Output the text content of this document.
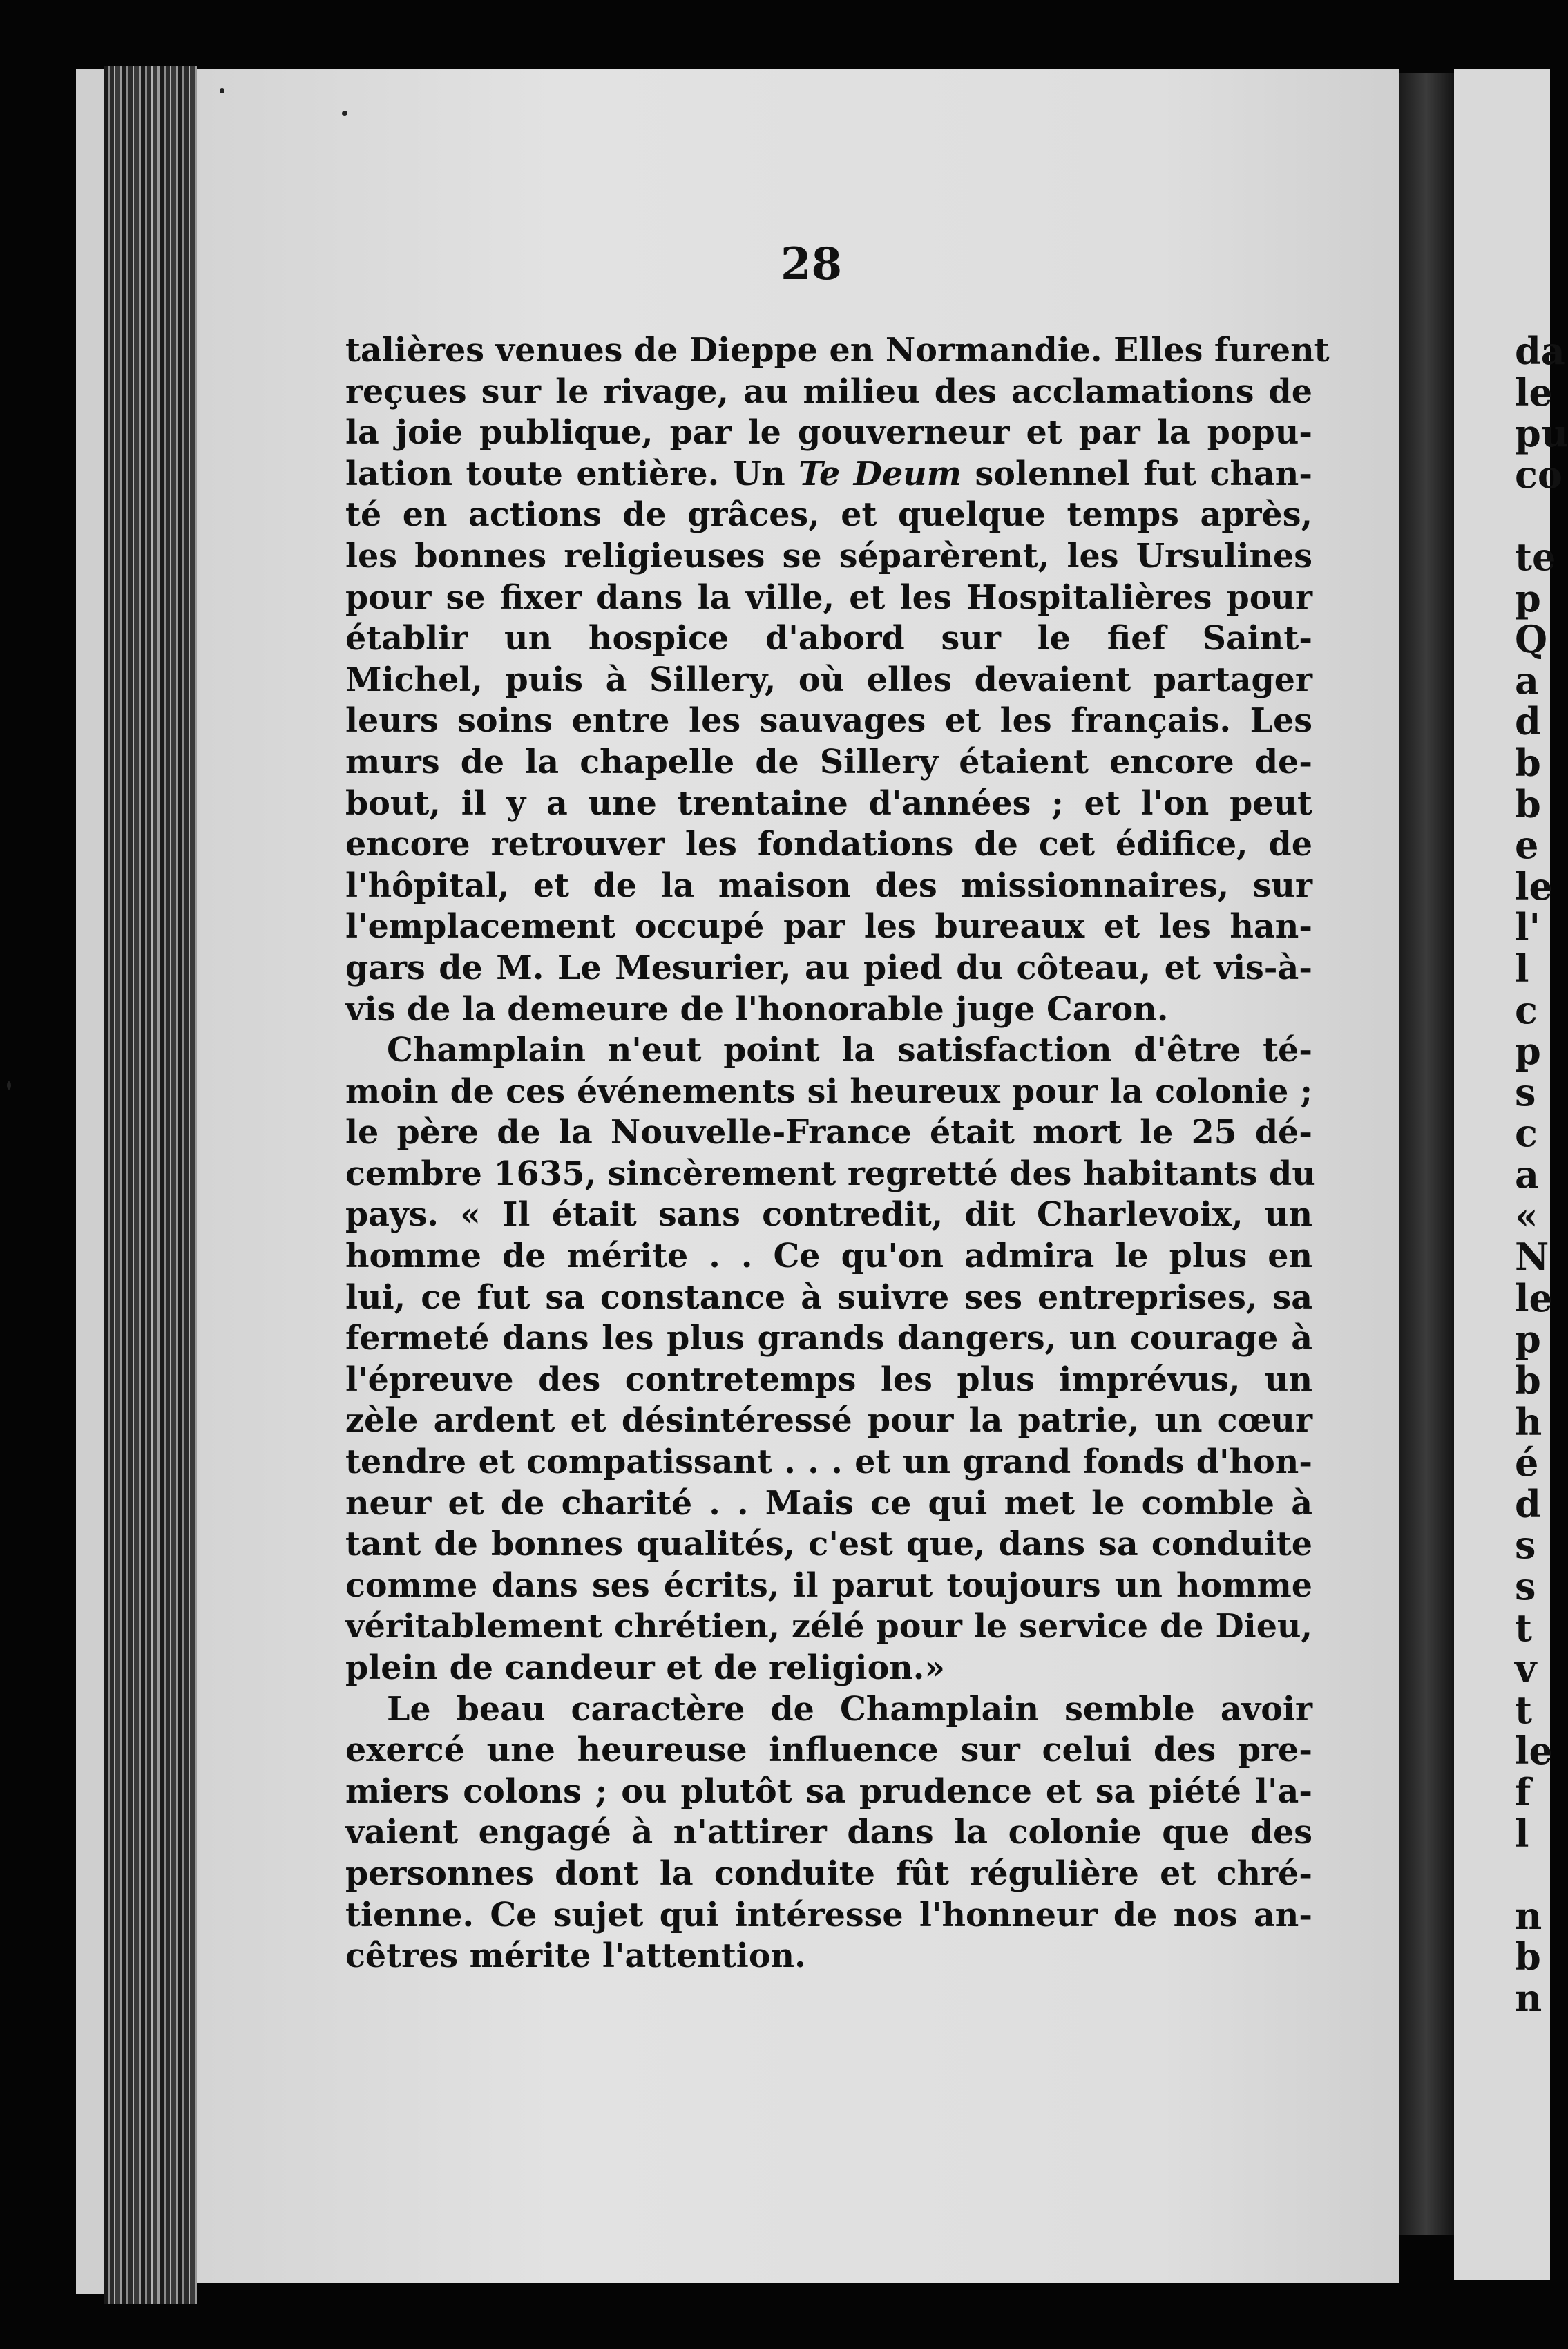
28
talières venues de Dieppe en Normandie. Elles furent
reçues sur le rivage, au milieu des acclamations de
la joie publique, par le gouverneur et par la popu-
lation toute entière. Un Te Deum solennel fut chan-
té en actions de grâces, et quelque temps après,
les bonnes religieuses se séparèrent, les Ursulines
pour se fixer dans la ville, et les Hospitalières pour
établir un hospice d'abord sur le fief Saint-
Michel, puis à Sillery, où elles devaient partager
leurs soins entre les sauvages et les français. Les
murs de la chapelle de Sillery étaient encore de-
bout, il y a une trentaine d'années ; et l'on peut
encore retrouver les fondations de cet édifice, de
l'hôpital, et de la maison des missionnaires, sur
l'emplacement occupé par les bureaux et les han-
gars de M. Le Mesurier, au pied du côteau, et vis-à-
vis de la demeure de l'honorable juge Caron.
Champlain n'eut point la satisfaction d'être té-
moin de ces événements si heureux pour la colonie ;
le père de la Nouvelle-France était mort le 25 dé-
cembre 1635, sincèrement regretté des habitants du
pays. « Il était sans contredit, dit Charlevoix, un
homme de mérite . . Ce qu'on admira le plus en
lui, ce fut sa constance à suivre ses entreprises, sa
fermeté dans les plus grands dangers, un courage à
l'épreuve des contretemps les plus imprévus, un
zèle ardent et désintéressé pour la patrie, un cœur
tendre et compatissant . . . et un grand fonds d'hon-
neur et de charité . . Mais ce qui met le comble à
tant de bonnes qualités, c'est que, dans sa conduite
comme dans ses écrits, il parut toujours un homme
véritablement chrétien, zélé pour le service de Dieu,
plein de candeur et de religion.»
Le beau caractère de Champlain semble avoir
exercé une heureuse influence sur celui des pre-
miers colons ; ou plutôt sa prudence et sa piété l'a-
vaient engagé à n'attirer dans la colonie que des
personnes dont la conduite fût régulière et chré-
tienne. Ce sujet qui intéresse l'honneur de nos an-
cêtres mérite l'attention.
da
le
pu
co
te
p
Q
a
d
b
b
e
le
l'
l
c
p
s
c
a
«
N
le
p
b
h
é
d
s
s
t
v
t
le
f
l
n
b
n
